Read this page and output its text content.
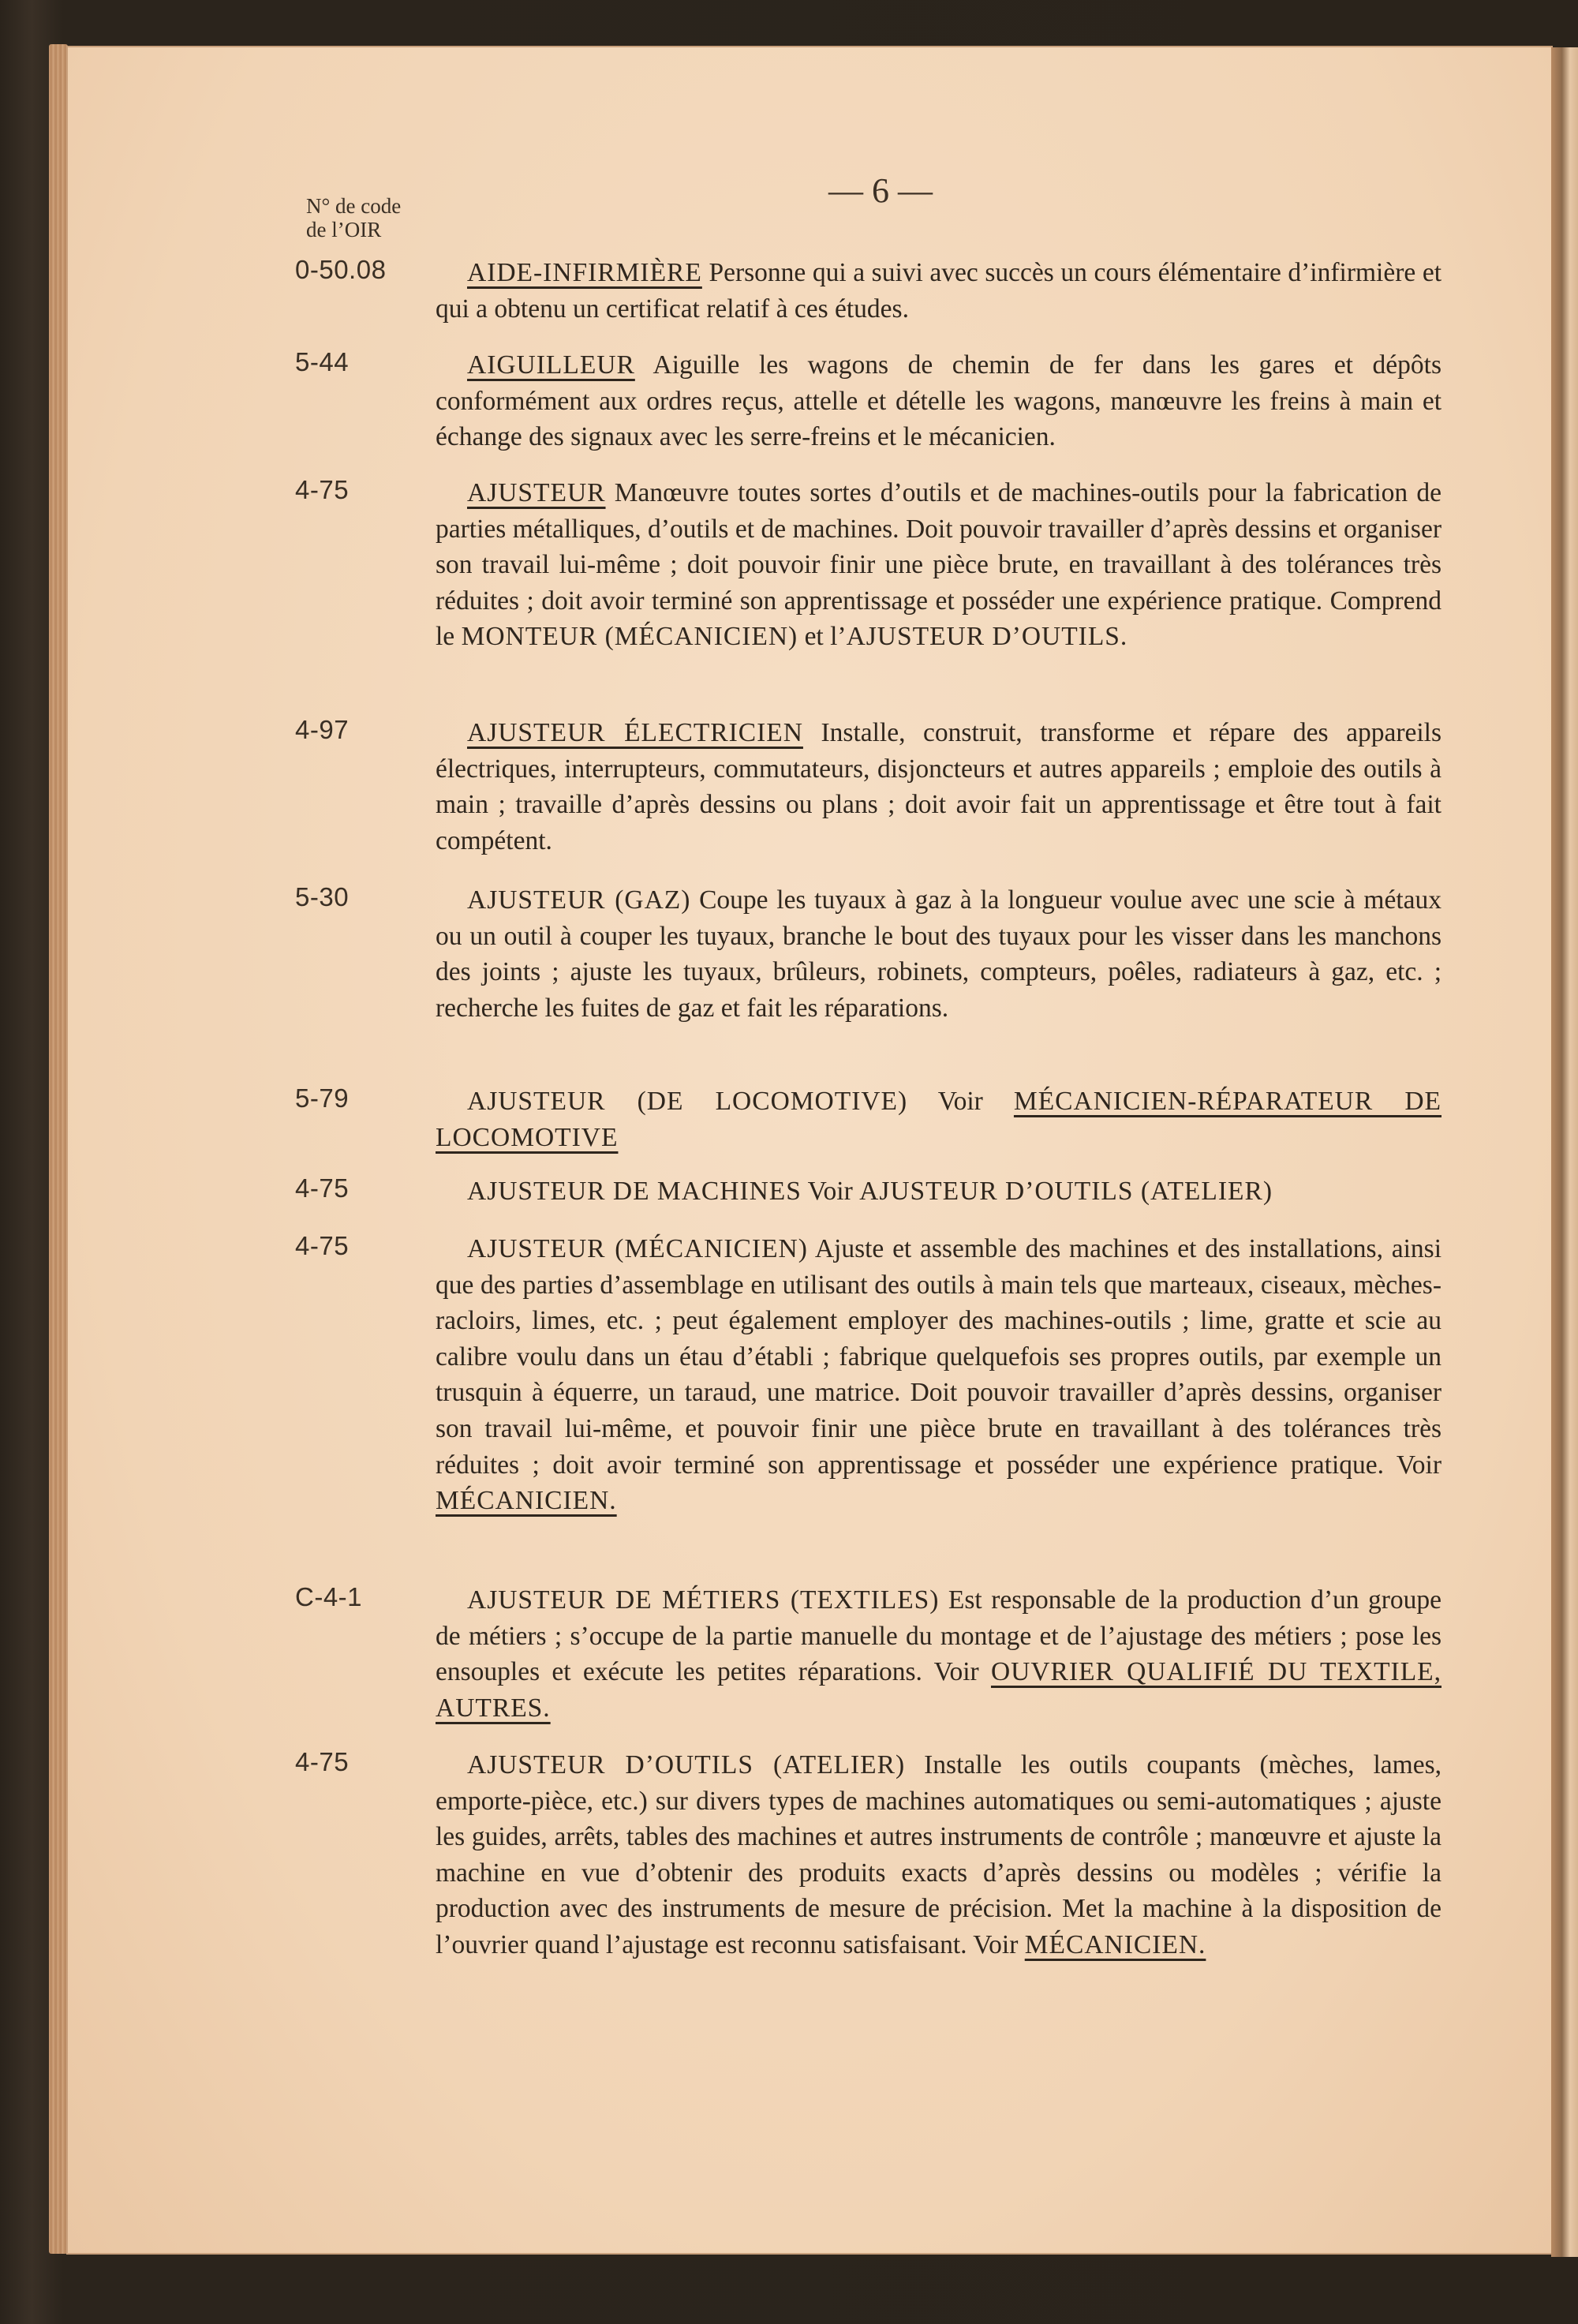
— 6 —
N° de code
de l’OIR
0-50.08	AIDE-INFIRMIÈRE Personne qui a suivi avec succès un cours élémentaire d’infirmière et qui a obtenu un certificat relatif à ces études.
5-44	AIGUILLEUR Aiguille les wagons de chemin de fer dans les gares et dépôts conformément aux ordres reçus, attelle et dételle les wagons, manœuvre les freins à main et échange des signaux avec les serre-freins et le mécanicien.
4-75	AJUSTEUR Manœuvre toutes sortes d’outils et de machines-outils pour la fabrication de parties métalliques, d’outils et de machines. Doit pouvoir travailler d’après dessins et organiser son travail lui-même ; doit pouvoir finir une pièce brute, en travaillant à des tolérances très réduites ; doit avoir terminé son apprentissage et posséder une expérience pratique. Comprend le MONTEUR (MÉCANICIEN) et l’AJUSTEUR D’OUTILS.
4-97	AJUSTEUR ÉLECTRICIEN Installe, construit, transforme et répare des appareils électriques, interrupteurs, commutateurs, disjoncteurs et autres appareils ; emploie des outils à main ; travaille d’après dessins ou plans ; doit avoir fait un apprentissage et être tout à fait compétent.
5-30	AJUSTEUR (GAZ) Coupe les tuyaux à gaz à la longueur voulue avec une scie à métaux ou un outil à couper les tuyaux, branche le bout des tuyaux pour les visser dans les manchons des joints ; ajuste les tuyaux, brûleurs, robinets, compteurs, poêles, radiateurs à gaz, etc. ; recherche les fuites de gaz et fait les réparations.
5-79	AJUSTEUR (DE LOCOMOTIVE) Voir MÉCANICIEN-RÉPARATEUR DE LOCOMOTIVE
4-75	AJUSTEUR DE MACHINES Voir AJUSTEUR D’OUTILS (ATELIER)
4-75	AJUSTEUR (MÉCANICIEN) Ajuste et assemble des machines et des installations, ainsi que des parties d’assemblage en utilisant des outils à main tels que marteaux, ciseaux, mèches-racloirs, limes, etc. ; peut également employer des machines-outils ; lime, gratte et scie au calibre voulu dans un étau d’établi ; fabrique quelquefois ses propres outils, par exemple un trusquin à équerre, un taraud, une matrice. Doit pouvoir travailler d’après dessins, organiser son travail lui-même, et pouvoir finir une pièce brute en travaillant à des tolérances très réduites ; doit avoir terminé son apprentissage et posséder une expérience pratique. Voir MÉCANICIEN.
C-4-1	AJUSTEUR DE MÉTIERS (TEXTILES) Est responsable de la production d’un groupe de métiers ; s’occupe de la partie manuelle du montage et de l’ajustage des métiers ; pose les ensouples et exécute les petites réparations. Voir OUVRIER QUALIFIÉ DU TEXTILE, AUTRES.
4-75	AJUSTEUR D’OUTILS (ATELIER) Installe les outils coupants (mèches, lames, emporte-pièce, etc.) sur divers types de machines automatiques ou semi-automatiques ; ajuste les guides, arrêts, tables des machines et autres instruments de contrôle ; manœuvre et ajuste la machine en vue d’obtenir des produits exacts d’après dessins ou modèles ; vérifie la production avec des instruments de mesure de précision. Met la machine à la disposition de l’ouvrier quand l’ajustage est reconnu satisfaisant. Voir MÉCANICIEN.
